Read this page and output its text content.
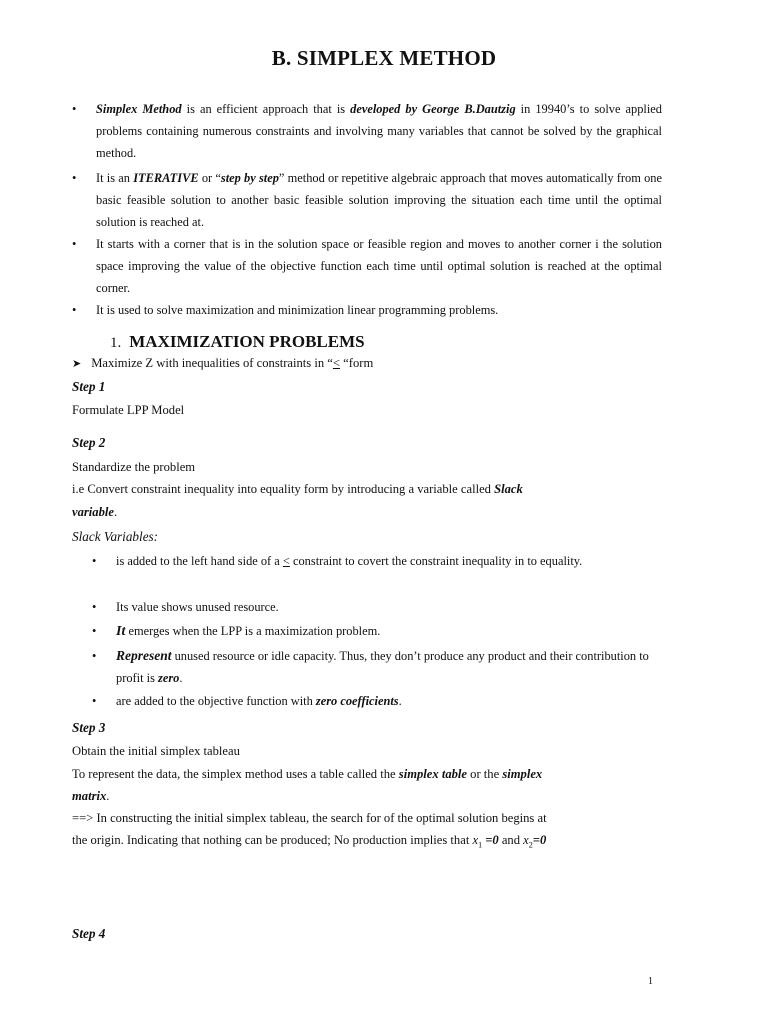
B. SIMPLEX METHOD
•	Simplex Method is an efficient approach that is developed by George B.Dautzig in 19940’s to solve applied problems containing numerous constraints and involving many variables that cannot be solved by the graphical method.
•	It is an ITERATIVE or “step by step” method or repetitive algebraic approach that moves automatically from one basic feasible solution to another basic feasible solution improving the situation each time until the optimal solution is reached at.
•	It starts with a corner that is in the solution space or feasible region and moves to another corner i the solution space improving the value of the objective function each time until optimal solution is reached at the optimal corner.
•	It is used to solve maximization and minimization linear programming problems.
1. MAXIMIZATION PROBLEMS
➤ Maximize Z with inequalities of constraints in “< “form
Step 1
Formulate LPP Model
Step 2
Standardize the problem
i.e Convert constraint inequality into equality form by introducing a variable called Slack
variable.
Slack Variables:
• is added to the left hand side of a < constraint to covert the constraint inequality in to equality.
• Its value shows unused resource.
• It emerges when the LPP is a maximization problem.
• Represent unused resource or idle capacity. Thus, they don’t produce any product and their contribution to profit is zero.
• are added to the objective function with zero coefficients.
Step 3
Obtain the initial simplex tableau
To represent the data, the simplex method uses a table called the simplex table or the simplex
matrix.
==> In constructing the initial simplex tableau, the search for of the optimal solution begins at
the origin. Indicating that nothing can be produced; No production implies that $x_1 =0$ and $x_2=0$
Step 4
1
